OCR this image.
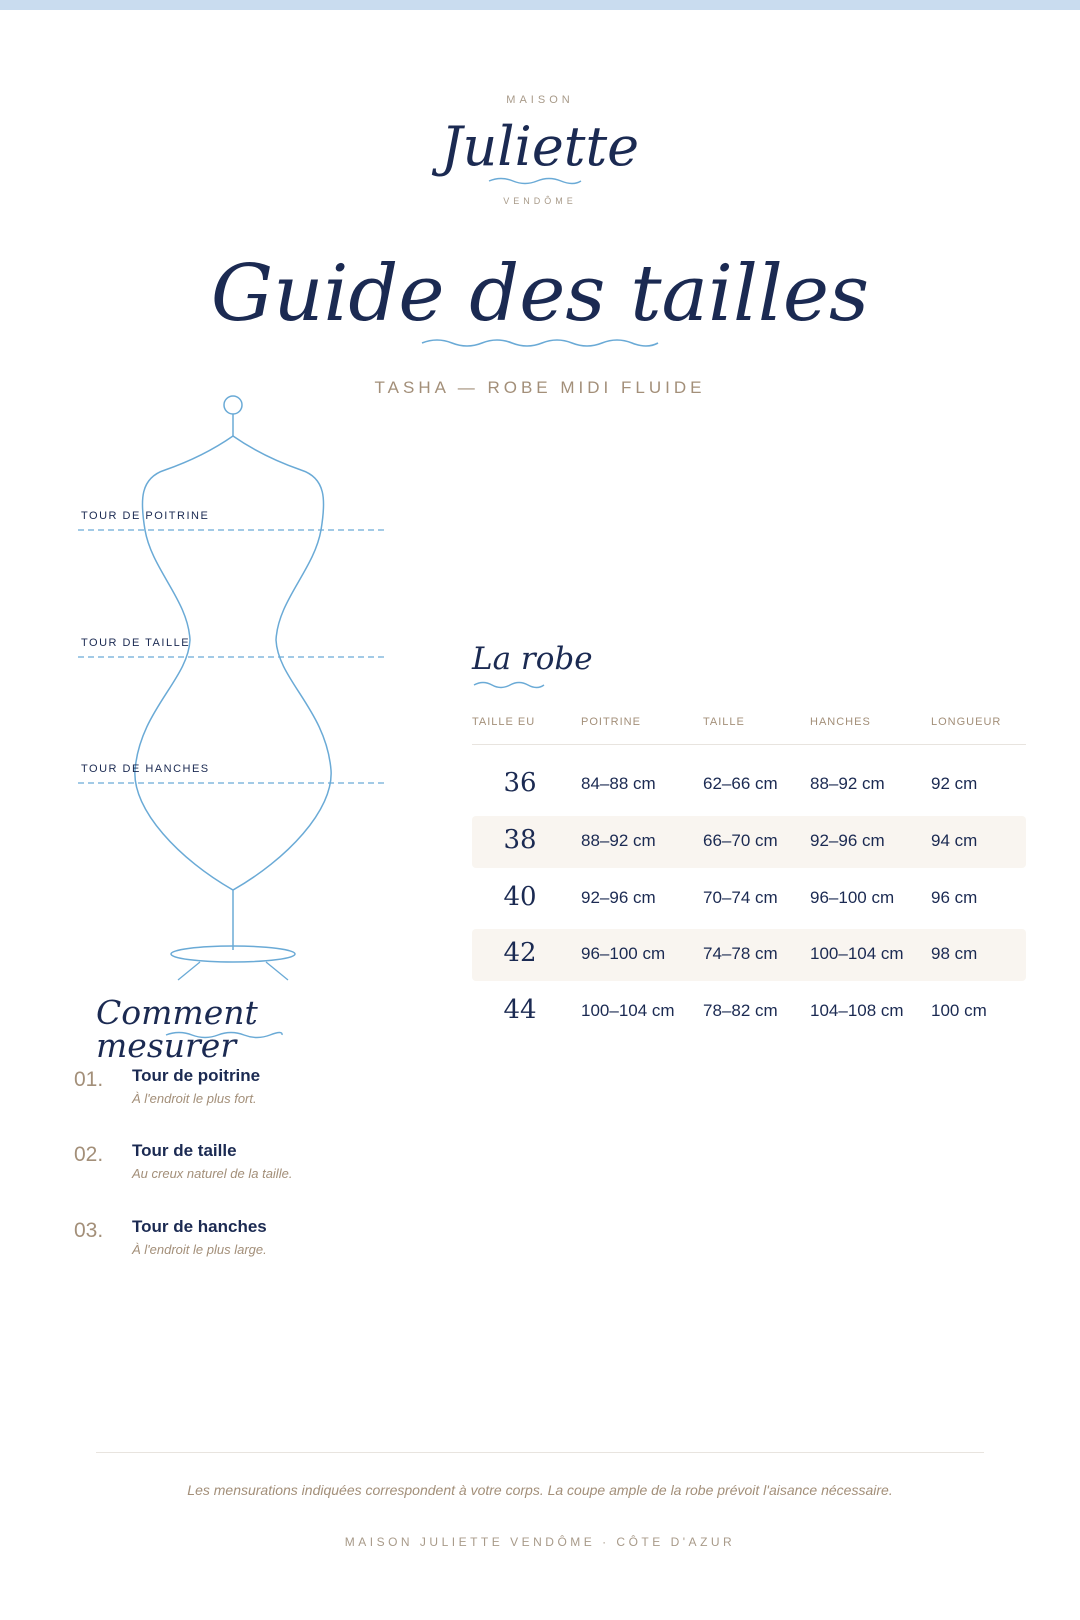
MAISON
Juliette
VENDÔME
Guide des tailles
TASHA — ROBE MIDI FLUIDE
TOUR DE POITRINE
TOUR DE TAILLE
TOUR DE HANCHES
Comment mesurer
01. Tour de poitrine
À l'endroit le plus fort.
02. Tour de taille
Au creux naturel de la taille.
03. Tour de hanches
À l'endroit le plus large.
La robe
TAILLE EU	POITRINE	TAILLE	HANCHES	LONGUEUR
36	84–88 cm	62–66 cm 88–92 cm	92 cm
38	88–92 cm	66–70 cm 92–96 cm	94 cm
40	92–96 cm	70–74 cm 96–100 cm 96 cm
42	96–100 cm 74–78 cm 100–104 cm 98 cm
44	100–104 cm 78–82 cm 104–108 cm 100 cm
Les mensurations indiquées correspondent à votre corps. La coupe ample de la robe prévoit l'aisance nécessaire.
MAISON JULIETTE VENDÔME · CÔTE D'AZUR
